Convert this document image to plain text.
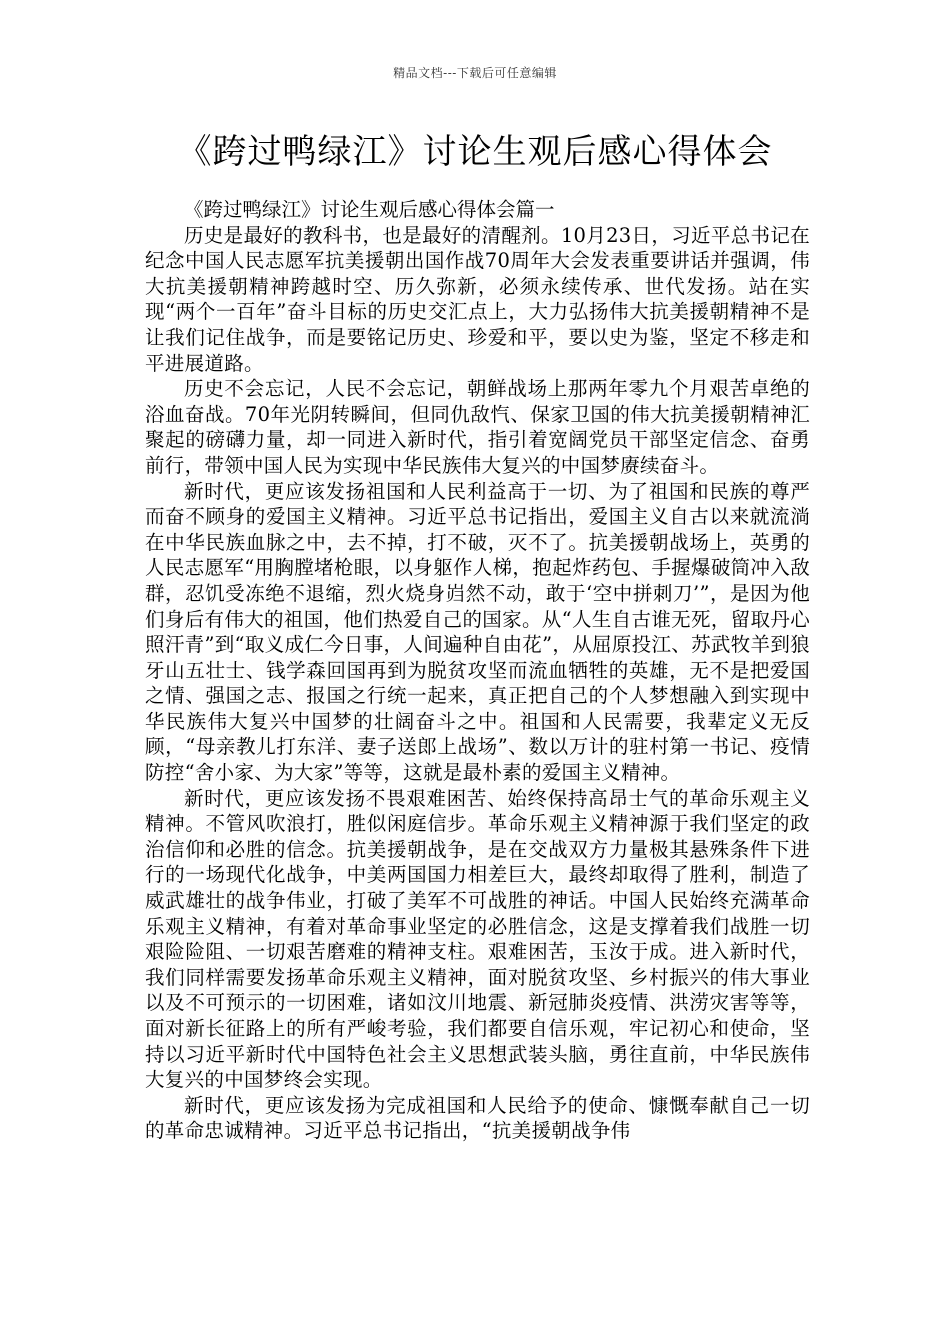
精品文档---下载后可任意编辑
《跨过鸭绿江》讨论生观后感心得体会

《跨过鸭绿江》讨论生观后感心得体会篇一

历史是最好的教科书，也是最好的清醒剂。10月23日，习近平总书记在纪念中国人民志愿军抗美援朝出国作战70周年大会发表重要讲话并强调，伟大抗美援朝精神跨越时空、历久弥新，必须永续传承、世代发扬。站在实现“两个一百年”奋斗目标的历史交汇点上，大力弘扬伟大抗美援朝精神不是让我们记住战争，而是要铭记历史、珍爱和平，要以史为鉴，坚定不移走和平进展道路。

历史不会忘记，人民不会忘记，朝鲜战场上那两年零九个月艰苦卓绝的浴血奋战。70年光阴转瞬间，但同仇敌忾、保家卫国的伟大抗美援朝精神汇聚起的磅礴力量，却一同进入新时代，指引着宽阔党员干部坚定信念、奋勇前行，带领中国人民为实现中华民族伟大复兴的中国梦赓续奋斗。

新时代，更应该发扬祖国和人民利益高于一切、为了祖国和民族的尊严而奋不顾身的爱国主义精神。习近平总书记指出，爱国主义自古以来就流淌在中华民族血脉之中，去不掉，打不破，灭不了。抗美援朝战场上，英勇的人民志愿军“用胸膛堵枪眼，以身躯作人梯，抱起炸药包、手握爆破筒冲入敌群，忍饥受冻绝不退缩，烈火烧身岿然不动，敢于‘空中拼刺刀’”，是因为他们身后有伟大的祖国，他们热爱自己的国家。从“人生自古谁无死，留取丹心照汗青”到“取义成仁今日事，人间遍种自由花”，从屈原投江、苏武牧羊到狼牙山五壮士、钱学森回国再到为脱贫攻坚而流血牺牲的英雄，无不是把爱国之情、强国之志、报国之行统一起来，真正把自己的个人梦想融入到实现中华民族伟大复兴中国梦的壮阔奋斗之中。祖国和人民需要，我辈定义无反顾，“母亲教儿打东洋、妻子送郎上战场”、数以万计的驻村第一书记、疫情防控“舍小家、为大家”等等，这就是最朴素的爱国主义精神。

新时代，更应该发扬不畏艰难困苦、始终保持高昂士气的革命乐观主义精神。不管风吹浪打，胜似闲庭信步。革命乐观主义精神源于我们坚定的政治信仰和必胜的信念。抗美援朝战争，是在交战双方力量极其悬殊条件下进行的一场现代化战争，中美两国国力相差巨大，最终却取得了胜利，制造了威武雄壮的战争伟业，打破了美军不可战胜的神话。中国人民始终充满革命乐观主义精神，有着对革命事业坚定的必胜信念，这是支撑着我们战胜一切艰险险阻、一切艰苦磨难的精神支柱。艰难困苦，玉汝于成。进入新时代，我们同样需要发扬革命乐观主义精神，面对脱贫攻坚、乡村振兴的伟大事业以及不可预示的一切困难，诸如汶川地震、新冠肺炎疫情、洪涝灾害等等，面对新长征路上的所有严峻考验，我们都要自信乐观，牢记初心和使命，坚持以习近平新时代中国特色社会主义思想武装头脑，勇往直前，中华民族伟大复兴的中国梦终会实现。

新时代，更应该发扬为完成祖国和人民给予的使命、慷慨奉献自己一切的革命忠诚精神。习近平总书记指出，“抗美援朝战争伟
